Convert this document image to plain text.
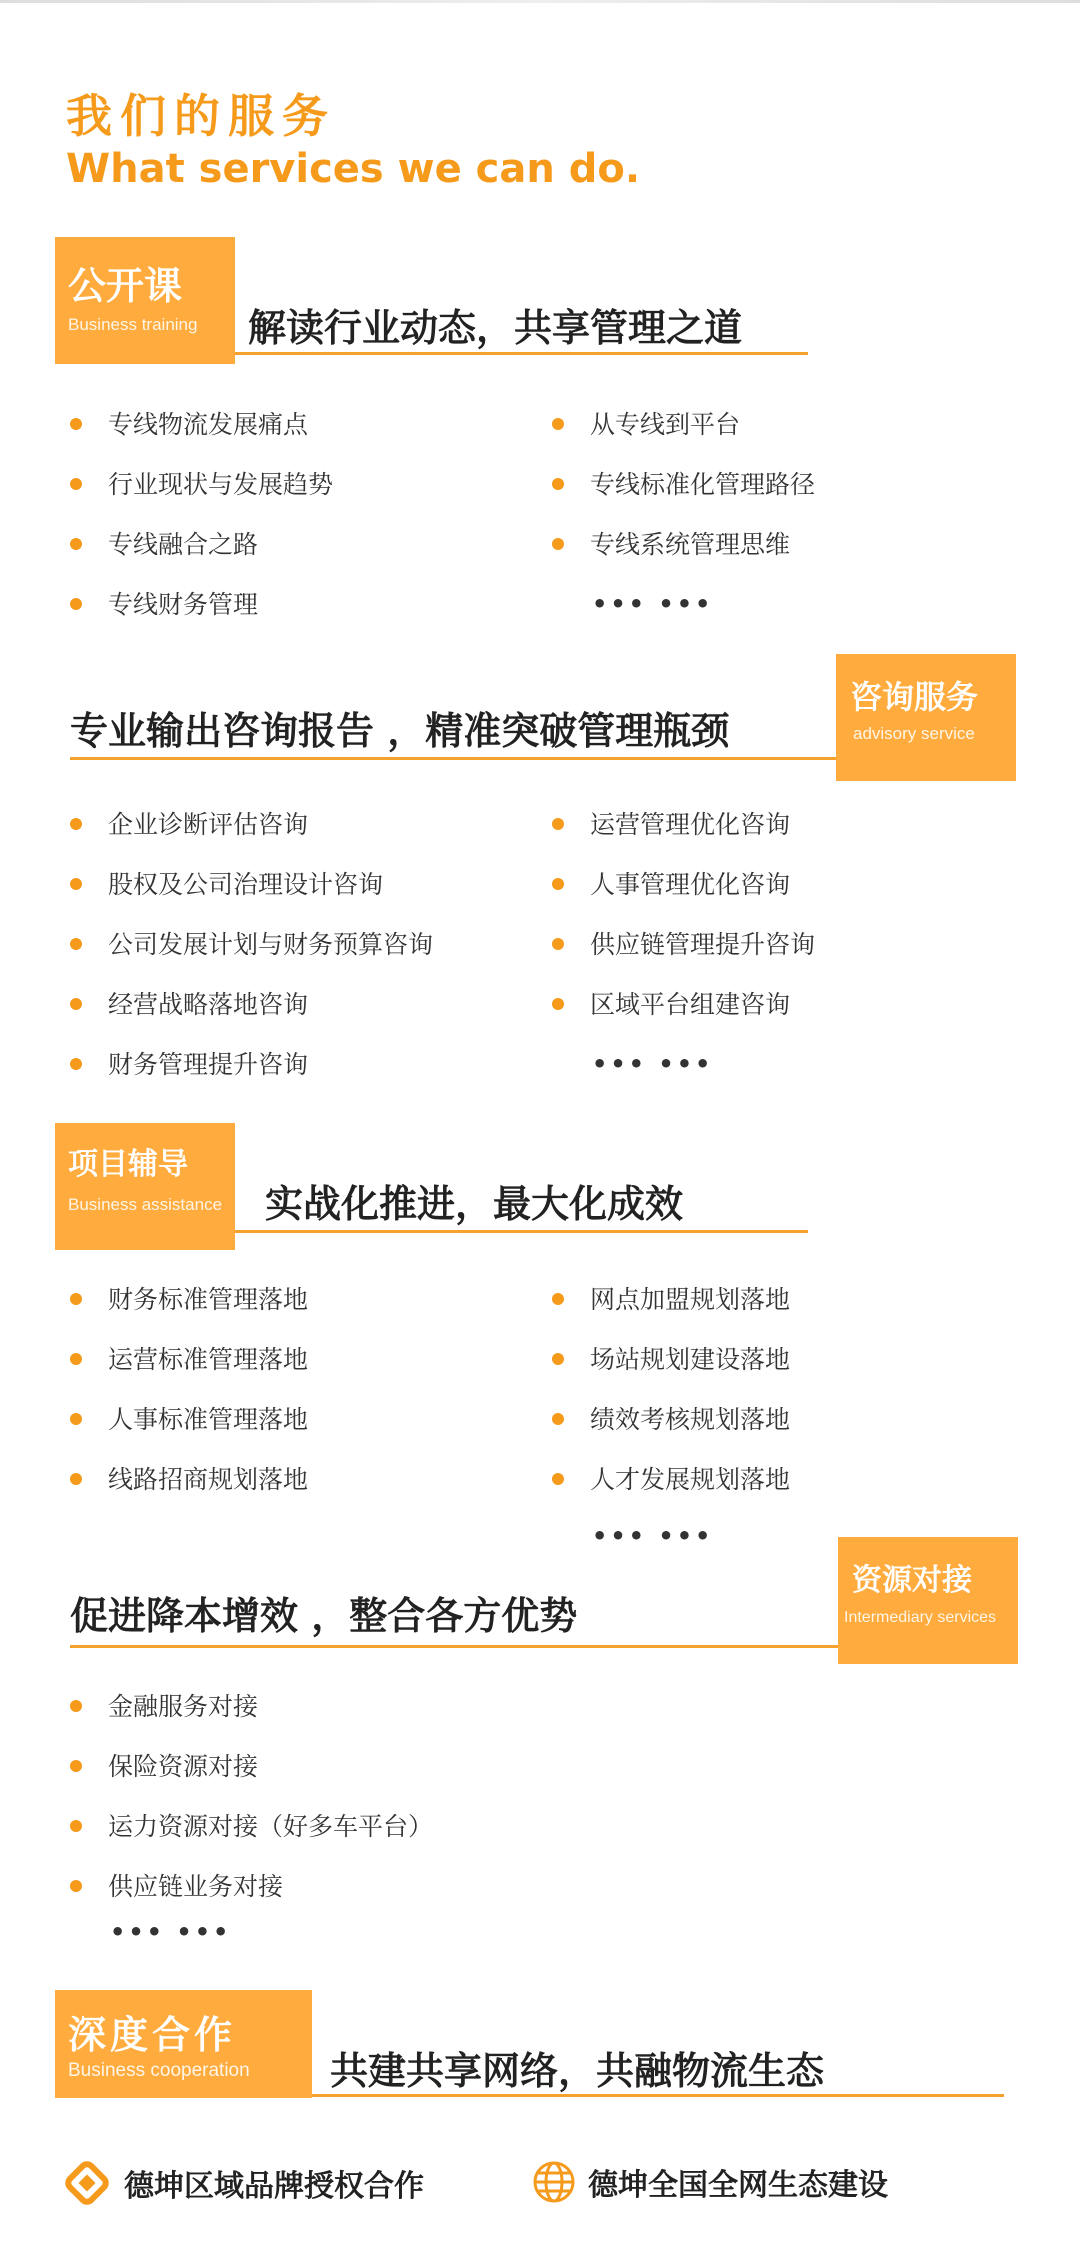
我们的服务
What services we can do.
公开课
Business training 解读行业动态，共享管理之道
专线物流发展痛点
行业现状与发展趋势
专线融合之路
专线财务管理
从专线到平台
专线标准化管理路径
专线系统管理思维
••• •••
专业输出咨询报告 ，精准突破管理瓶颈
咨询服务
advisory service
企业诊断评估咨询
股权及公司治理设计咨询
公司发展计划与财务预算咨询
经营战略落地咨询
财务管理提升咨询
运营管理优化咨询
人事管理优化咨询
供应链管理提升咨询
区域平台组建咨询
••• •••
项目辅导
Business assistance 实战化推进，最大化成效
财务标准管理落地
运营标准管理落地
人事标准管理落地
线路招商规划落地
网点加盟规划落地
场站规划建设落地
绩效考核规划落地
人才发展规划落地
••• •••
促进降本增效 ，整合各方优势
资源对接
Intermediary services
金融服务对接
保险资源对接
运力资源对接（好多车平台）
供应链业务对接
••• •••
深度合作
Business cooperation 共建共享网络，共融物流生态
德坤区域品牌授权合作	德坤全国全网生态建设
